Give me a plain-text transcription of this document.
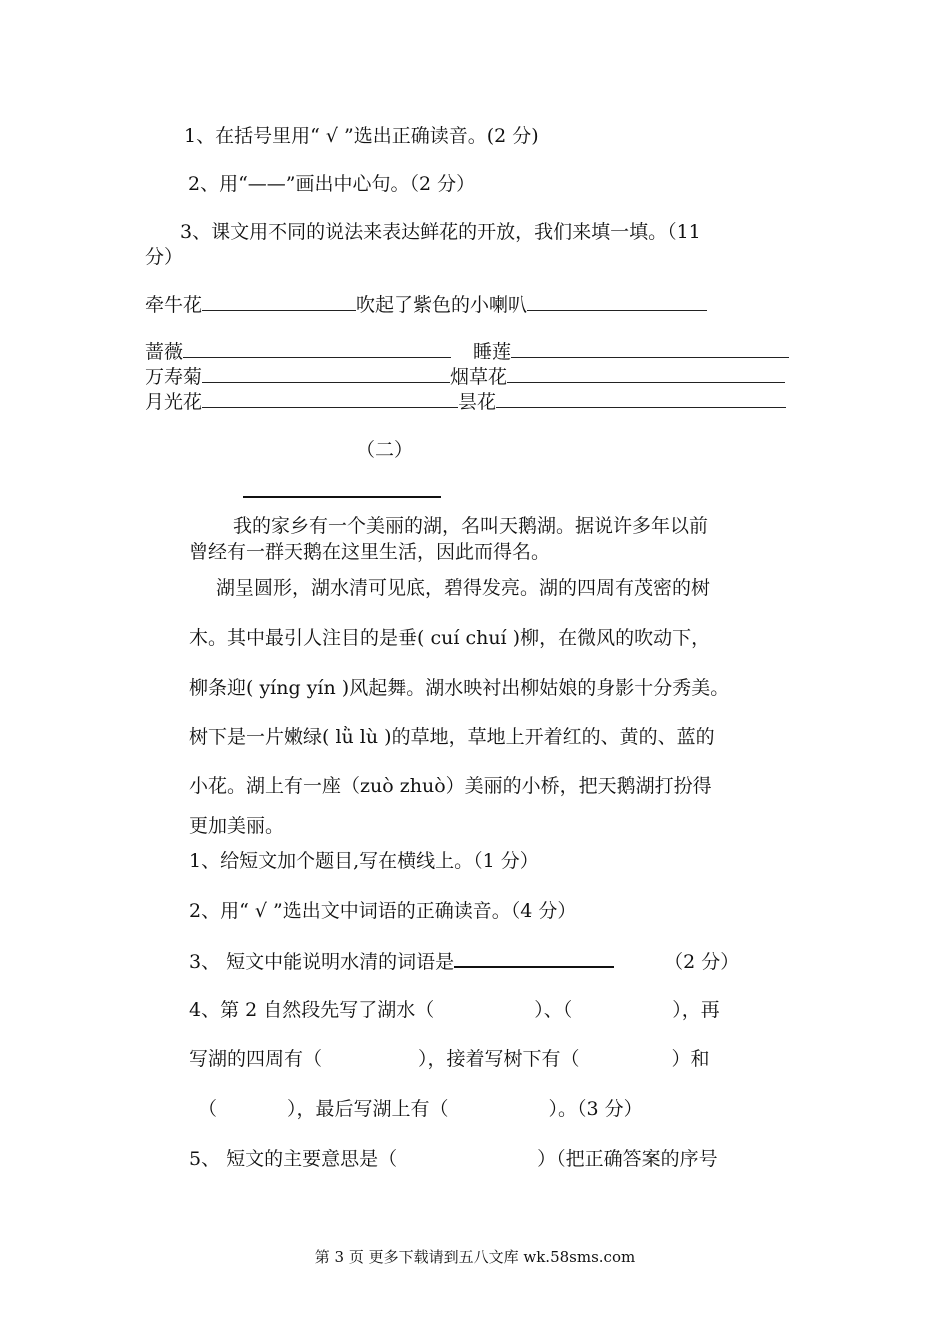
1、在括号里用“ √ ”选出正确读音。(2 分)
2、用“——”画出中心句。（2 分）
3、课文用不同的说法来表达鲜花的开放，我们来填一填。（11
分）
牵牛花	吹起了紫色的小喇叭
蔷薇	睡莲
万寿菊	烟草花
月光花	昙花
（二）
我的家乡有一个美丽的湖，名叫天鹅湖。据说许多年以前
曾经有一群天鹅在这里生活，因此而得名。
湖呈圆形，湖水清可见底，碧得发亮。湖的四周有茂密的树
木。其中最引人注目的是垂( cuí chuí )柳，在微风的吹动下，
柳条迎( yíng yín )风起舞。湖水映衬出柳姑娘的身影十分秀美。
树下是一片嫩绿( lǜ lù )的草地，草地上开着红的、黄的、蓝的
小花。湖上有一座（zuò zhuò）美丽的小桥，把天鹅湖打扮得
更加美丽。
1、给短文加个题目,写在横线上。（1 分）
2、用“ √ ”选出文中词语的正确读音。（4 分）
3、 短文中能说明水清的词语是	（2 分）
4、第 2 自然段先写了湖水（	）、（	），再
写湖的四周有（	），接着写树下有（	）和
（	），最后写湖上有（	）。（3 分）
5、 短文的主要意思是（	）（把正确答案的序号
第 3 页 更多下载请到五八文库 wk.58sms.com
